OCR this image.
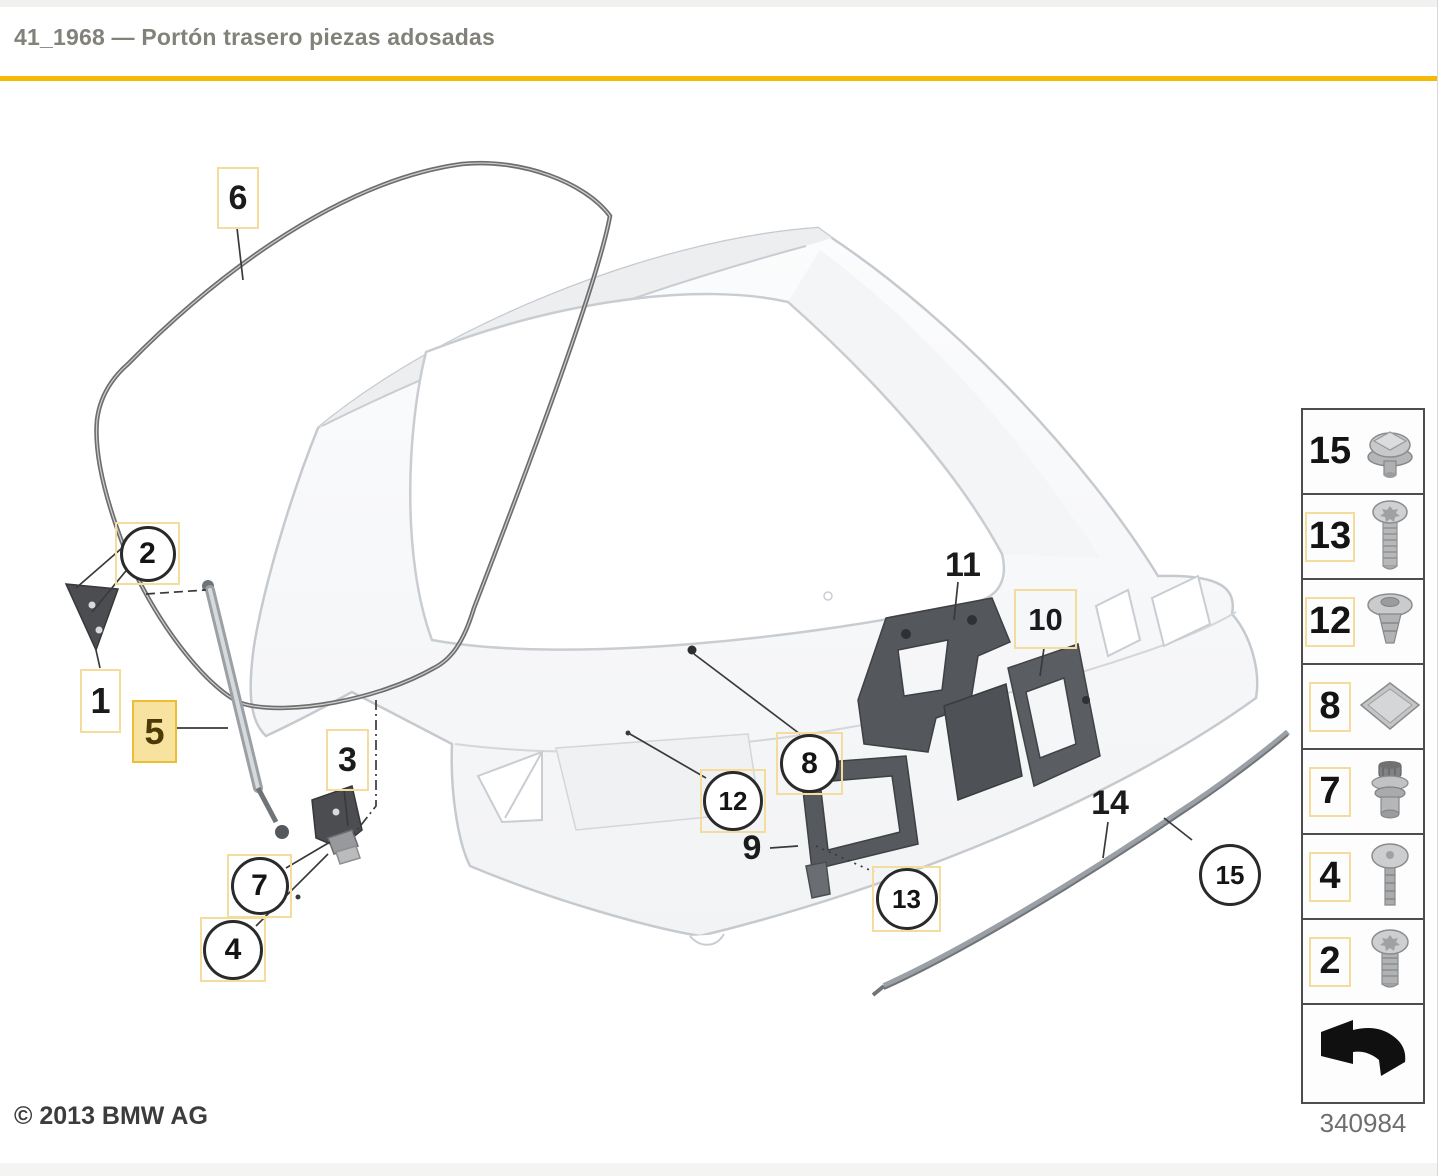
41_1968 — Portón trasero piezas adosadas
6
2
1
5
3
7
4
12
8
9
13
11
10
14
15
15
13
12
8
7
4
2
340984
© 2013 BMW AG
